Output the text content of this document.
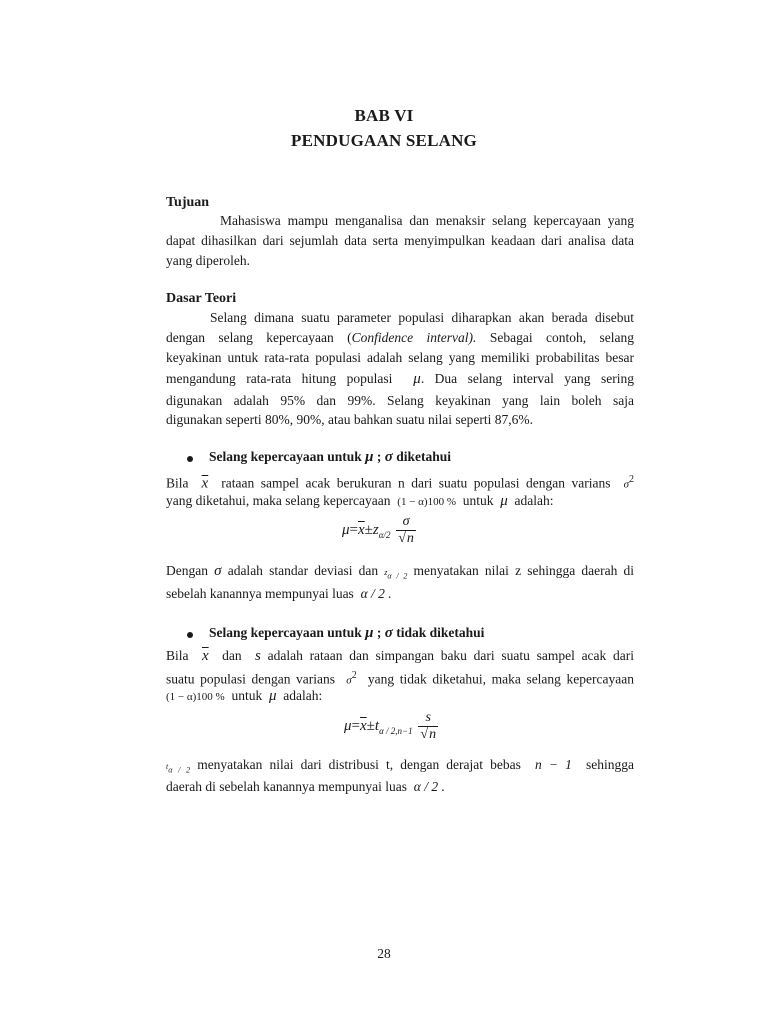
BAB VI
PENDUGAAN SELANG
Tujuan
Mahasiswa mampu menganalisa dan menaksir selang kepercayaan yang
dapat dihasilkan dari sejumlah data serta menyimpulkan keadaan dari analisa data
yang diperoleh.
Dasar Teori
Selang dimana suatu parameter populasi diharapkan akan berada disebut
dengan selang kepercayaan (Confidence interval). Sebagai contoh, selang
keyakinan untuk rata-rata populasi adalah selang yang memiliki probabilitas besar
mengandung rata-rata hitung populasi μ. Dua selang interval yang sering
digunakan adalah 95% dan 99%. Selang keyakinan yang lain boleh saja
digunakan seperti 80%, 90%, atau bahkan suatu nilai seperti 87,6%.
Selang kepercayaan untuk μ ; σ diketahui
Bila $\overline{x}$ rataan sampel acak berukuran n dari suatu populasi dengan varians $\sigma^2$
yang diketahui, maka selang kepercayaan (1 − α)100 % untuk μ adalah:
$\mu=\overline{x}\pm z_{\alpha/2} \frac{\sigma}{√n}$
Dengan σ adalah standar deviasi dan $z_{\alpha / 2}$ menyatakan nilai z sehingga daerah di
sebelah kanannya mempunyai luas α / 2 .
Selang kepercayaan untuk μ ; σ tidak diketahui
Bila $\overline{x}$ dan s adalah rataan dan simpangan baku dari suatu sampel acak dari
suatu populasi dengan varians $\sigma^2$ yang tidak diketahui, maka selang kepercayaan
(1 − α)100 % untuk μ adalah:
$\mu=\overline{x}\pm t_{\alpha / 2,n-1} \frac{s}{√n}$
$t_{\alpha / 2}$ menyatakan nilai dari distribusi t, dengan derajat bebas n − 1 sehingga
daerah di sebelah kanannya mempunyai luas α / 2 .
28
